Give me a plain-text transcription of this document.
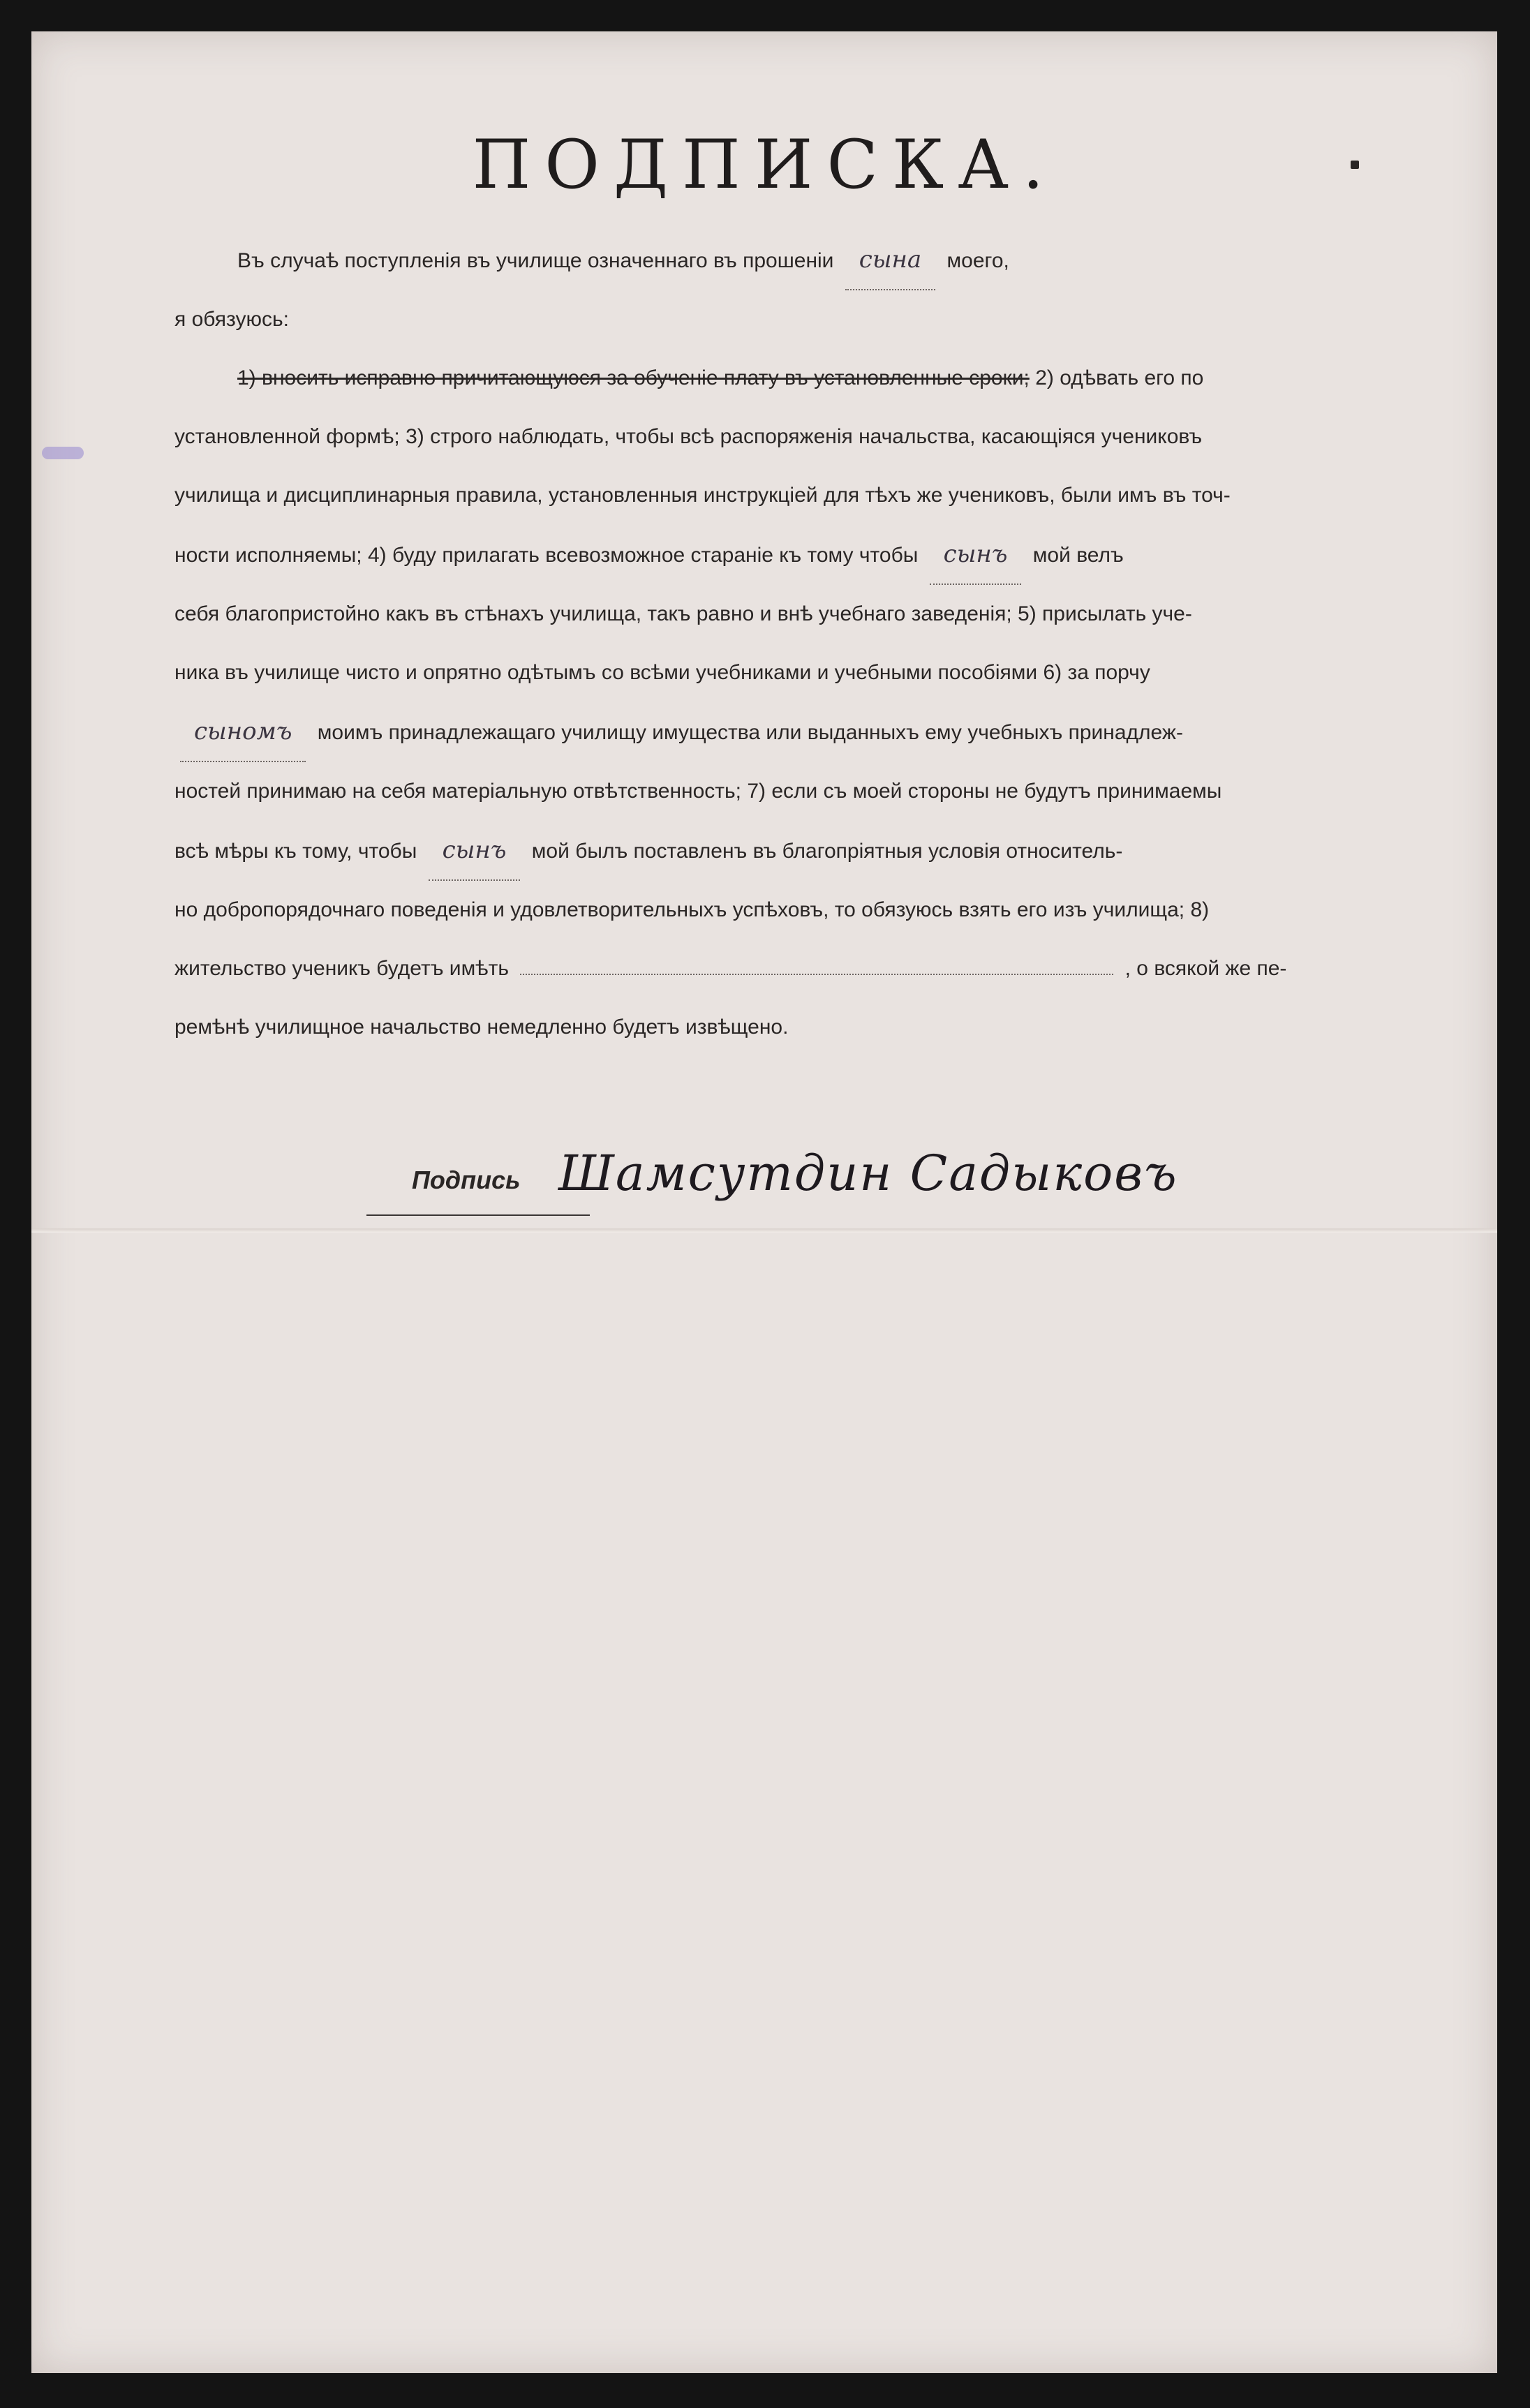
ПОДПИСКА.
Въ случаѣ поступленія въ училище означеннаго въ прошеніи сына моего,
я обязуюсь:
1) вносить исправно причитающуюся за обученіе плату въ установленные сроки; 2) одѣвать его по
установленной формѣ; 3) строго наблюдать, чтобы всѣ распоряженія начальства, касающіяся учениковъ
училища и дисциплинарныя правила, установленныя инструкціей для тѣхъ же учениковъ, были имъ въ точ-
ности исполняемы; 4) буду прилагать всевозможное стараніе къ тому чтобы сынъ мой велъ
себя благопристойно какъ въ стѣнахъ училища, такъ равно и внѣ учебнаго заведенія; 5) присылать уче-
ника въ училище чисто и опрятно одѣтымъ со всѣми учебниками и учебными пособіями 6) за порчу
сыномъ моимъ принадлежащаго училищу имущества или выданныхъ ему учебныхъ принадлеж-
ностей принимаю на себя матеріальную отвѣтственность; 7) если съ моей стороны не будутъ принимаемы
всѣ мѣры къ тому, чтобы сынъ мой былъ поставленъ въ благопріятныя условія относитель-
но добропорядочнаго поведенія и удовлетворительныхъ успѣховъ, то обязуюсь взять его изъ училища; 8)
жительство ученикъ будетъ имѣть	, о всякой же пе-
ремѣнѣ училищное начальство немедленно будетъ извѣщено.
Подпись Шамсутдин Садыковъ
